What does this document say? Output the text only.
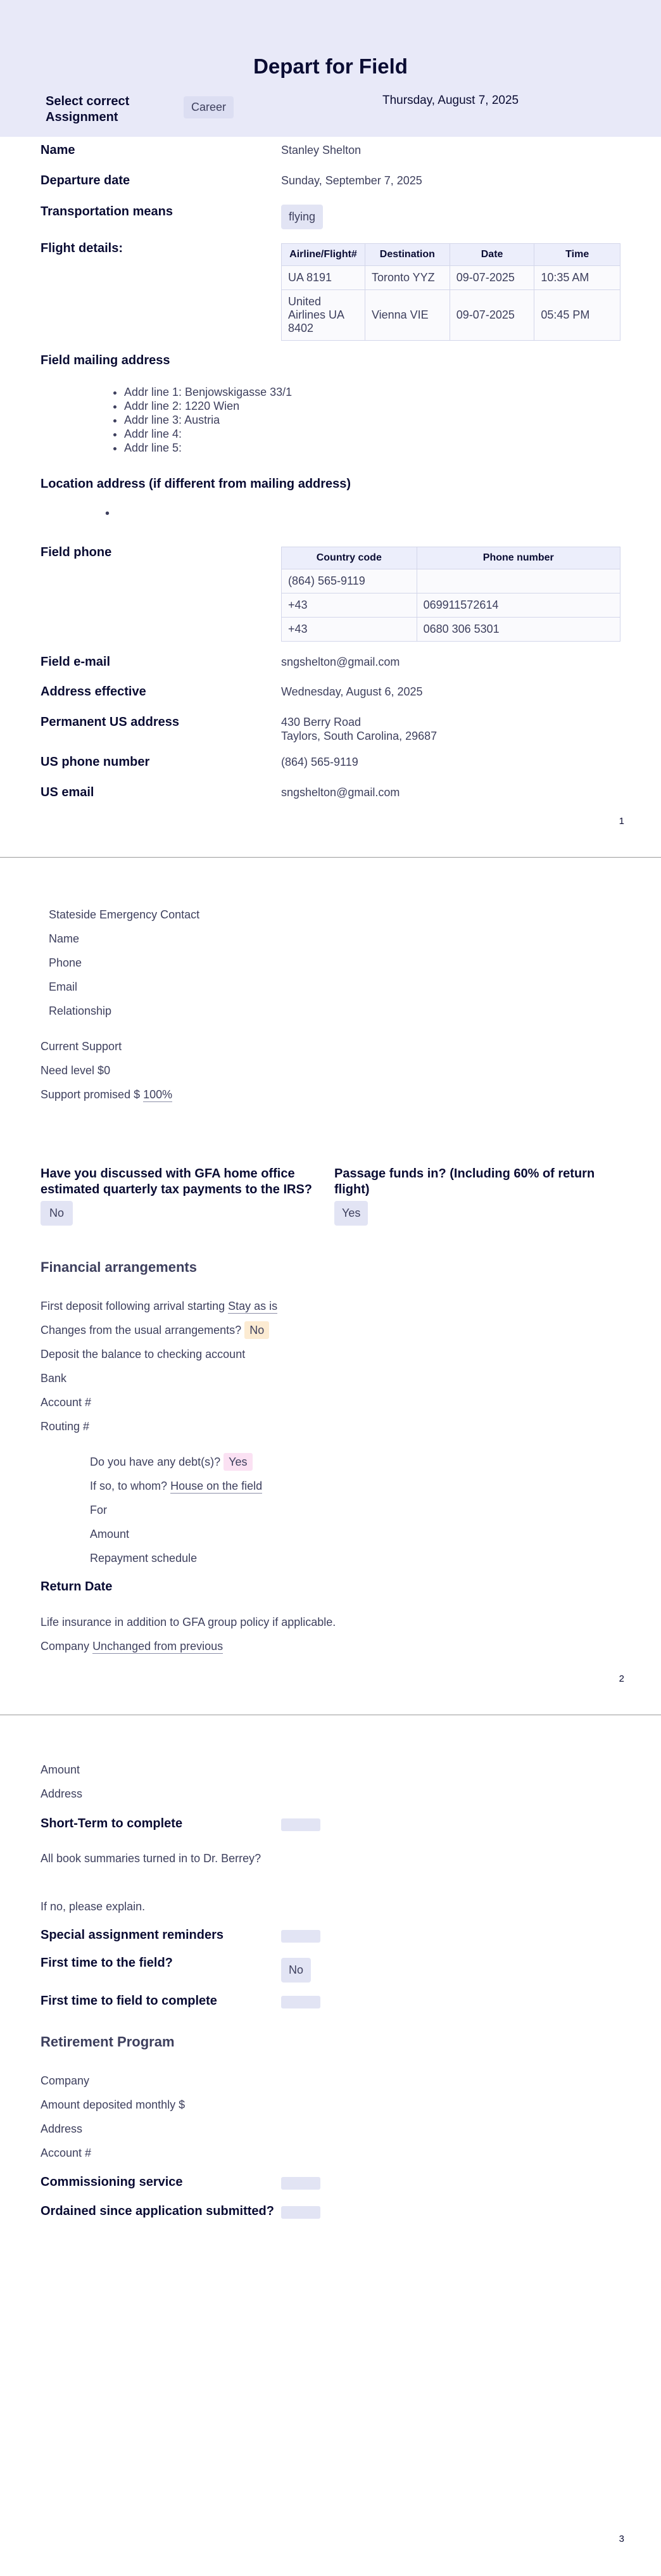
Depart for Field
Select correct Assignment
Career	Thursday, August 7, 2025
Name	Stanley Shelton
Departure date	Sunday, September 7, 2025
Transportation means	flying
Flight details:	Airline/Flight#	Destination	Date	Time
UA 8191	Toronto YYZ	09-07-2025	10:35 AM
United Airlines UA 8402	Vienna VIE	09-07-2025	05:45 PM
Field mailing address
• Addr line 1: Benjowskigasse 33/1
• Addr line 2: 1220 Wien
• Addr line 3: Austria
• Addr line 4:
• Addr line 5:
Location address (if different from mailing address)
•
Field phone	Country code	Phone number
(864) 565-9119	
+43	069911572614
+43	0680 306 5301
Field e-mail	sngshelton@gmail.com
Address effective	Wednesday, August 6, 2025
Permanent US address	430 Berry Road
Taylors, South Carolina, 29687
US phone number	(864) 565-9119
US email	sngshelton@gmail.com
1
Stateside Emergency Contact
Name
Phone
Email
Relationship
Current Support
Need level $0
Support promised $ 100%
Have you discussed with GFA home office estimated quarterly tax payments to the IRS?
No
Passage funds in? (Including 60% of return flight)
Yes
Financial arrangements
First deposit following arrival starting Stay as is
Changes from the usual arrangements? No
Deposit the balance to checking account
Bank
Account #
Routing #
Do you have any debt(s)? Yes
If so, to whom? House on the field
For
Amount
Repayment schedule
Return Date
Life insurance in addition to GFA group policy if applicable.
Company Unchanged from previous
2
Amount
Address
Short-Term to complete
All book summaries turned in to Dr. Berrey?
If no, please explain.
Special assignment reminders
First time to the field?	No
First time to field to complete
Retirement Program
Company
Amount deposited monthly $
Address
Account #
Commissioning service
Ordained since application submitted?
3
